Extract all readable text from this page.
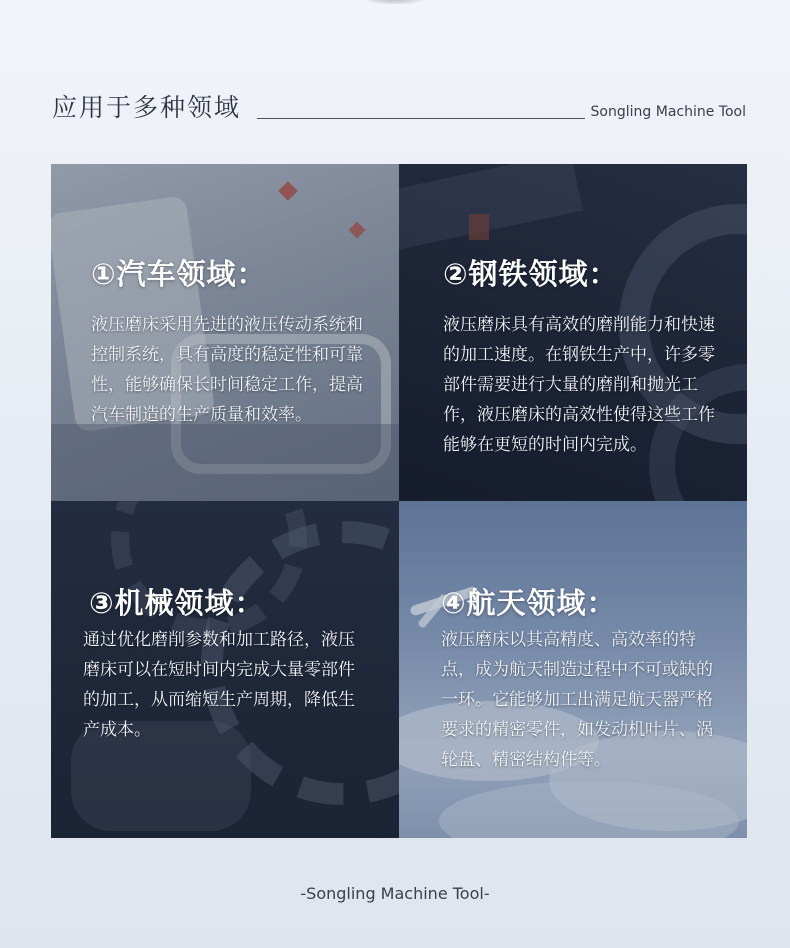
应用于多种领域	Songling Machine Tool
①汽车领域：
液压磨床采用先进的液压传动系统和控制系统，具有高度的稳定性和可靠性，能够确保长时间稳定工作，提高汽车制造的生产质量和效率。
②钢铁领域：
液压磨床具有高效的磨削能力和快速的加工速度。在钢铁生产中，许多零部件需要进行大量的磨削和抛光工作，液压磨床的高效性使得这些工作能够在更短的时间内完成。
③机械领域：
通过优化磨削参数和加工路径，液压磨床可以在短时间内完成大量零部件的加工，从而缩短生产周期，降低生产成本。
④航天领域：
液压磨床以其高精度、高效率的特点，成为航天制造过程中不可或缺的一环。它能够加工出满足航天器严格要求的精密零件，如发动机叶片、涡轮盘、精密结构件等。
-Songling Machine Tool-
